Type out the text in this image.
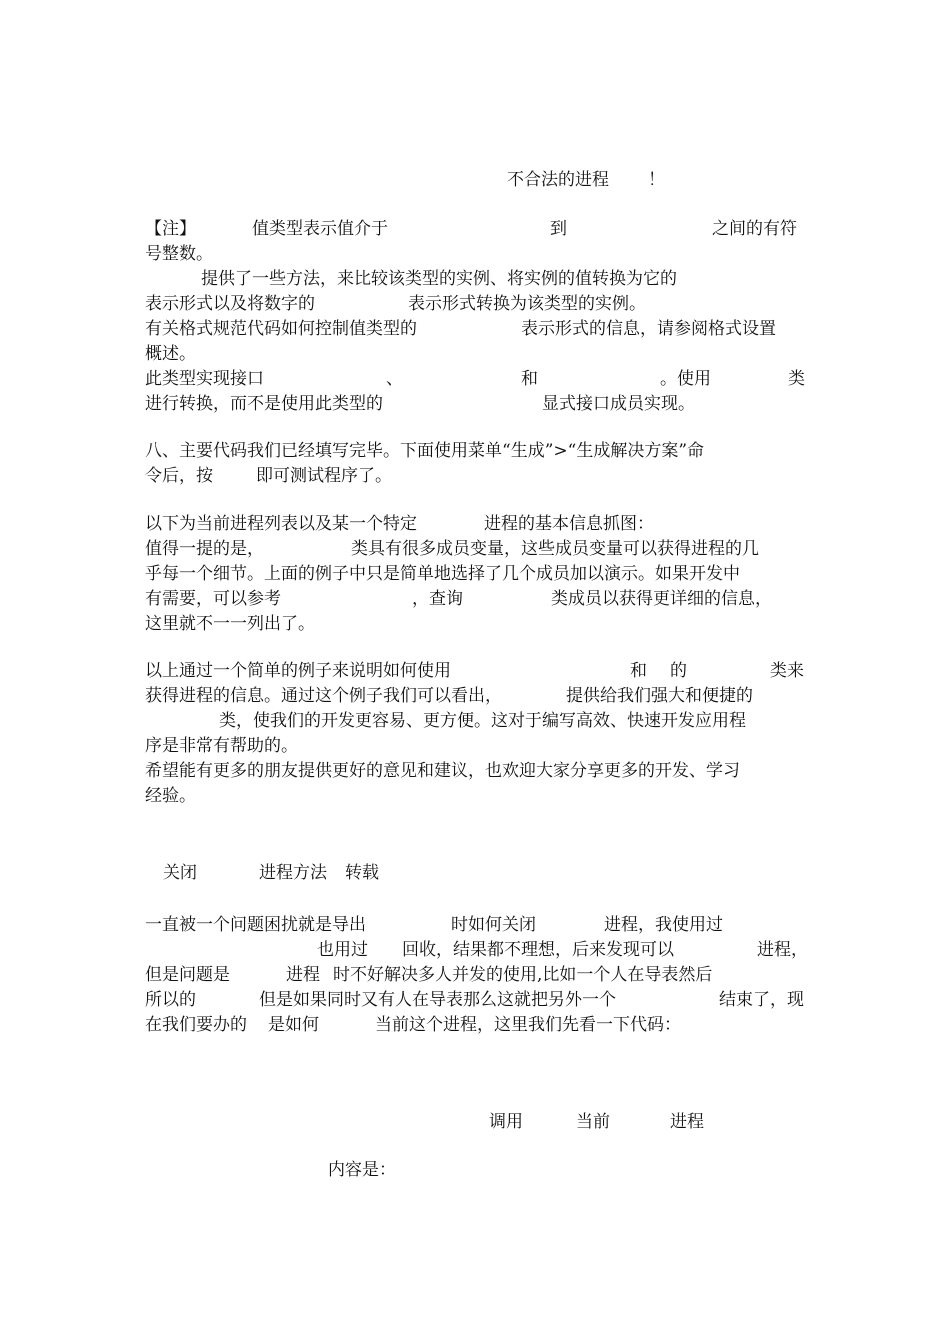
不合法的进程 ！
【注】	值类型表示值介于	到	之间的有符
号整数。
提供了一些方法，来比较该类型的实例、将实例的值转换为它的
表示形式以及将数字的	表示形式转换为该类型的实例。
有关格式规范代码如何控制值类型的	表示形式的信息，请参阅格式设置
概述。
此类型实现接口	、	和	。使用	类
进行转换，而不是使用此类型的	显式接口成员实现。
八、主要代码我们已经填写完毕。下面使用菜单“生成”>“生成解决方案”命
令后，按	即可测试程序了。
以下为当前进程列表以及某一个特定	进程的基本信息抓图：
值得一提的是，	类具有很多成员变量，这些成员变量可以获得进程的几
乎每一个细节。上面的例子中只是简单地选择了几个成员加以演示。如果开发中
有需要，可以参考	，查询	类成员以获得更详细的信息，
这里就不一一列出了。
以上通过一个简单的例子来说明如何使用	和 的	类来
获得进程的信息。通过这个例子我们可以看出，	提供给我们强大和便捷的
类，使我们的开发更容易、更方便。这对于编写高效、快速开发应用程
序是非常有帮助的。
希望能有更多的朋友提供更好的意见和建议，也欢迎大家分享更多的开发、学习
经验。
关闭	进程方法 转载
一直被一个问题困扰就是导出	时如何关闭	进程，我使用过
也用过 回收，结果都不理想，后来发现可以	进程，
但是问题是	进程 时不好解决多人并发的使用,比如一个人在导表然后
所以的	但是如果同时又有人在导表那么这就把另外一个	结束了，现
在我们要办的 是如何	当前这个进程，这里我们先看一下代码：
调用	当前	进程
内容是：
